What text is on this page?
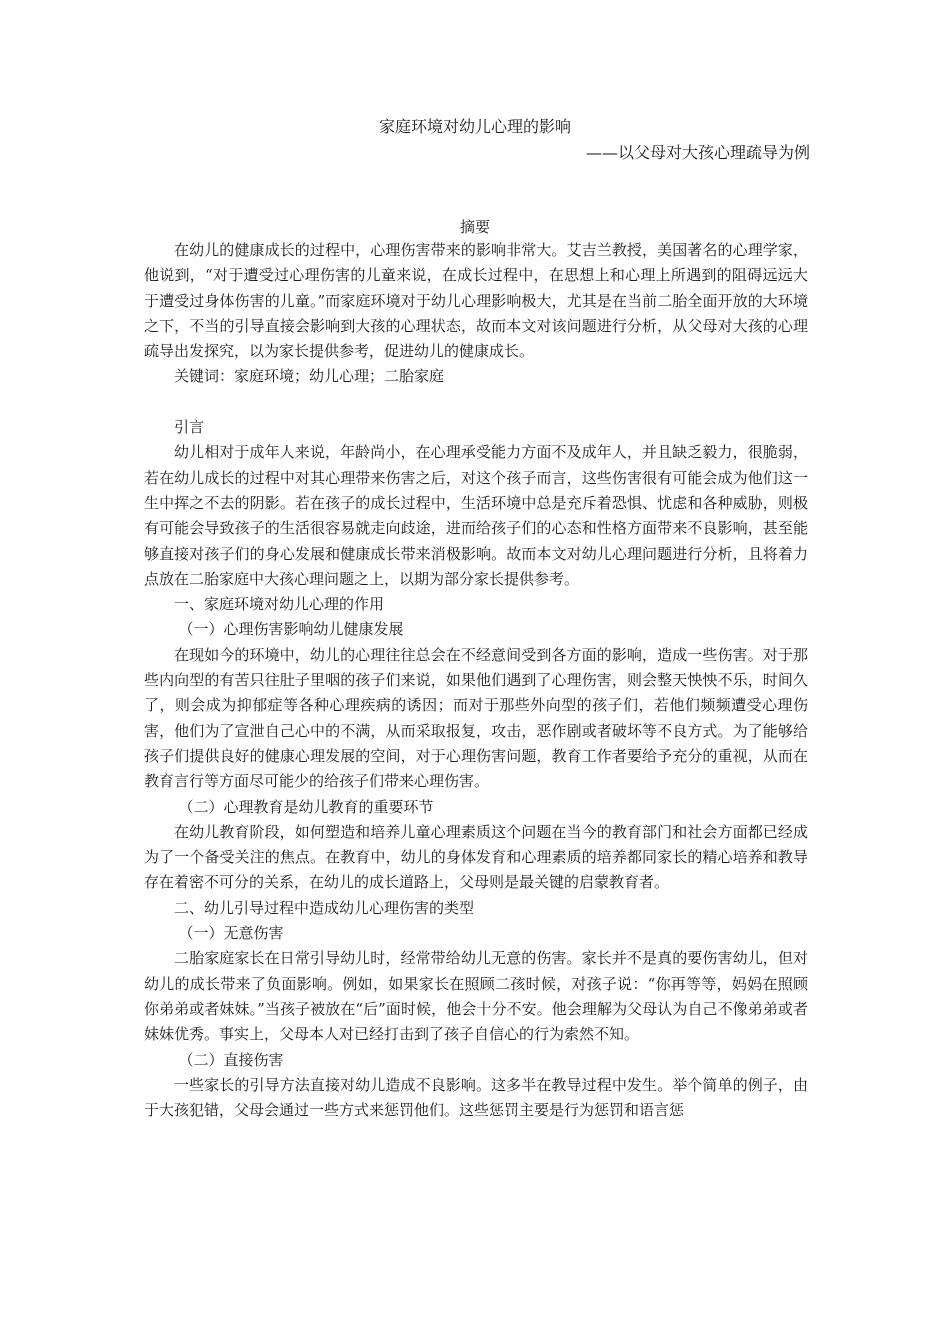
家庭环境对幼儿心理的影响
——以父母对大孩心理疏导为例
摘要

在幼儿的健康成长的过程中，心理伤害带来的影响非常大。艾吉兰教授，美国著名的心理学家，他说到，“对于遭受过心理伤害的儿童来说，在成长过程中，在思想上和心理上所遇到的阻碍远远大于遭受过身体伤害的儿童。”而家庭环境对于幼儿心理影响极大，尤其是在当前二胎全面开放的大环境之下，不当的引导直接会影响到大孩的心理状态，故而本文对该问题进行分析，从父母对大孩的心理疏导出发探究，以为家长提供参考，促进幼儿的健康成长。

关键词：家庭环境；幼儿心理；二胎家庭

引言

幼儿相对于成年人来说，年龄尚小，在心理承受能力方面不及成年人，并且缺乏毅力，很脆弱，若在幼儿成长的过程中对其心理带来伤害之后，对这个孩子而言，这些伤害很有可能会成为他们这一生中挥之不去的阴影。若在孩子的成长过程中，生活环境中总是充斥着恐惧、忧虑和各种威胁，则极有可能会导致孩子的生活很容易就走向歧途，进而给孩子们的心态和性格方面带来不良影响，甚至能够直接对孩子们的身心发展和健康成长带来消极影响。故而本文对幼儿心理问题进行分析，且将着力点放在二胎家庭中大孩心理问题之上，以期为部分家长提供参考。

一、家庭环境对幼儿心理的作用

（一）心理伤害影响幼儿健康发展

在现如今的环境中，幼儿的心理往往总会在不经意间受到各方面的影响，造成一些伤害。对于那些内向型的有苦只往肚子里咽的孩子们来说，如果他们遇到了心理伤害，则会整天怏怏不乐，时间久了，则会成为抑郁症等各种心理疾病的诱因；而对于那些外向型的孩子们，若他们频频遭受心理伤害，他们为了宣泄自己心中的不满，从而采取报复，攻击，恶作剧或者破坏等不良方式。为了能够给孩子们提供良好的健康心理发展的空间，对于心理伤害问题，教育工作者要给予充分的重视，从而在教育言行等方面尽可能少的给孩子们带来心理伤害。

（二）心理教育是幼儿教育的重要环节

在幼儿教育阶段，如何塑造和培养儿童心理素质这个问题在当今的教育部门和社会方面都已经成为了一个备受关注的焦点。在教育中，幼儿的身体发育和心理素质的培养都同家长的精心培养和教导存在着密不可分的关系，在幼儿的成长道路上，父母则是最关键的启蒙教育者。

二、幼儿引导过程中造成幼儿心理伤害的类型

（一）无意伤害

二胎家庭家长在日常引导幼儿时，经常带给幼儿无意的伤害。家长并不是真的要伤害幼儿，但对幼儿的成长带来了负面影响。例如，如果家长在照顾二孩时候，对孩子说：“你再等等，妈妈在照顾你弟弟或者妹妹。”当孩子被放在“后”面时候，他会十分不安。他会理解为父母认为自己不像弟弟或者妹妹优秀。事实上，父母本人对已经打击到了孩子自信心的行为索然不知。

（二）直接伤害

一些家长的引导方法直接对幼儿造成不良影响。这多半在教导过程中发生。举个简单的例子，由于大孩犯错，父母会通过一些方式来惩罚他们。这些惩罚主要是行为惩罚和语言惩
